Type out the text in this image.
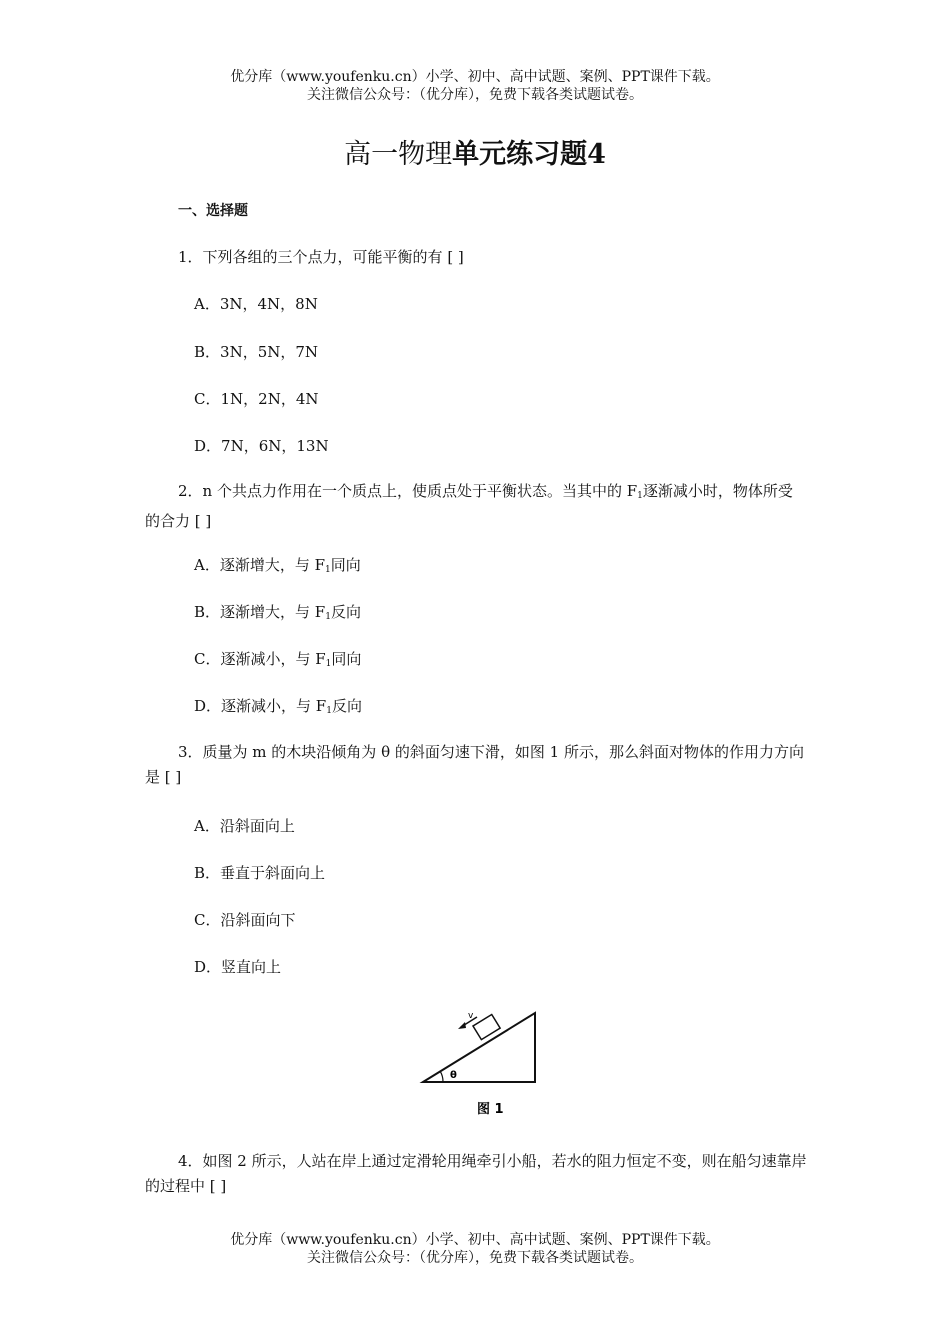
优分库（www.youfenku.cn）小学、初中、高中试题、案例、PPT课件下载。
关注微信公众号：（优分库），免费下载各类试题试卷。
高一物理单元练习题4
一、选择题
1．下列各组的三个点力，可能平衡的有 [ ]
A．3N，4N，8N
B．3N，5N，7N
C．1N，2N，4N
D．7N，6N，13N
2．n 个共点力作用在一个质点上，使质点处于平衡状态。当其中的 $F_1$逐渐减小时，物体所受的合力 [ ]
A．逐渐增大，与 $F_1$同向
B．逐渐增大，与 $F_1$反向
C．逐渐减小，与 $F_1$同向
D．逐渐减小，与 $F_1$反向
3．质量为 m 的木块沿倾角为 θ 的斜面匀速下滑，如图 1 所示，那么斜面对物体的作用力方向是 [ ]
A．沿斜面向上
B．垂直于斜面向上
C．沿斜面向下
D．竖直向上
v
θ
图 1
4．如图 2 所示，人站在岸上通过定滑轮用绳牵引小船，若水的阻力恒定不变，则在船匀速靠岸的过程中 [ ]
优分库（www.youfenku.cn）小学、初中、高中试题、案例、PPT课件下载。
关注微信公众号：（优分库），免费下载各类试题试卷。
